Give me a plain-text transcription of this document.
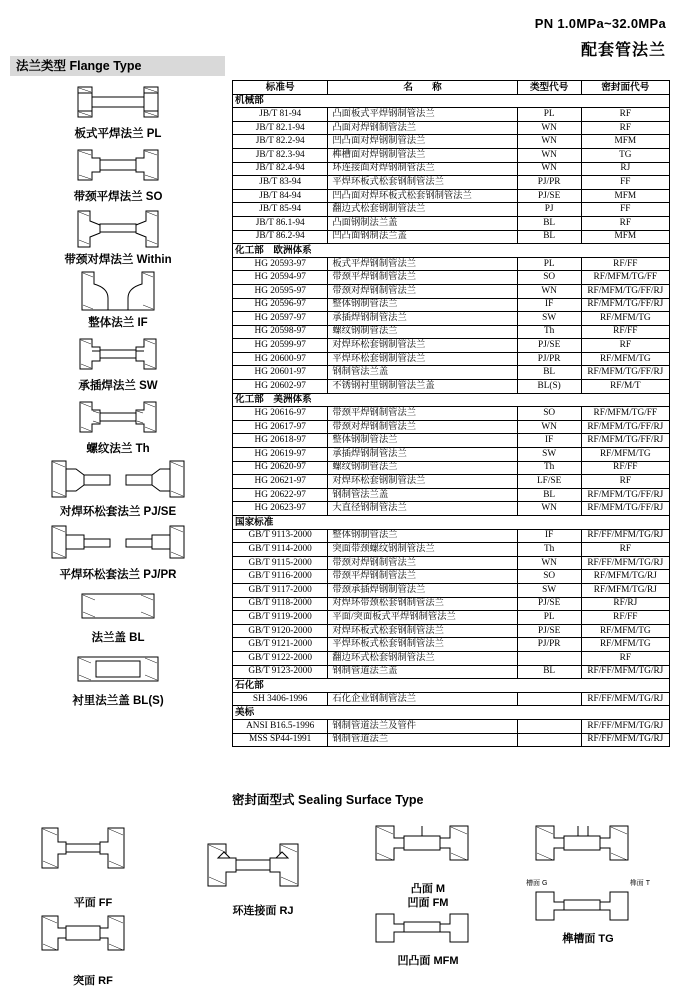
PN 1.0MPa~32.0MPa
配套管法兰
法兰类型 Flange Type
板式平焊法兰 PL
带颈平焊法兰 SO
带颈对焊法兰 Within
整体法兰 IF
承插焊法兰 SW
螺纹法兰 Th
对焊环松套法兰 PJ/SE
平焊环松套法兰 PJ/PR
法兰盖 BL
衬里法兰盖 BL(S)
标准号	名　　称	类型代号	密封面代号
机械部			
JB/T 81-94	凸面板式平焊钢制管法兰	PL	RF
JB/T 82.1-94	凸面对焊钢制管法兰	WN	RF
JB/T 82.2-94	凹凸面对焊钢制管法兰	WN	MFM
JB/T 82.3-94	榫槽面对焊钢制管法兰	WN	TG
JB/T 82.4-94	环连接面对焊钢制管法兰	WN	RJ
JB/T 83-94	平焊环板式松套钢制管法兰	PJ/PR	FF
JB/T 84-94	凹凸面对焊环板式松套钢制管法兰	PJ/SE	MFM
JB/T 85-94	翻边式松套钢制管法兰	PJ	FF
JB/T 86.1-94	凸面钢制法兰盖	BL	RF
JB/T 86.2-94	凹凸面钢制法兰盖	BL	MFM
化工部　欧洲体系			
HG 20593-97	板式平焊钢制管法兰	PL	RF/FF
HG 20594-97	带颈平焊钢制管法兰	SO	RF/MFM/TG/FF
HG 20595-97	带颈对焊钢制管法兰	WN	RF/MFM/TG/FF/RJ
HG 20596-97	整体钢制管法兰	IF	RF/MFM/TG/FF/RJ
HG 20597-97	承插焊钢制管法兰	SW	RF/MFM/TG
HG 20598-97	螺纹钢制管法兰	Th	RF/FF
HG 20599-97	对焊环松套钢制管法兰	PJ/SE	RF
HG 20600-97	平焊环松套钢制管法兰	PJ/PR	RF/MFM/TG
HG 20601-97	钢制管法兰盖	BL	RF/MFM/TG/FF/RJ
HG 20602-97	不锈钢衬里钢制管法兰盖	BL(S)	RF/M/T
化工部　美洲体系			
HG 20616-97	带颈平焊钢制管法兰	SO	RF/MFM/TG/FF
HG 20617-97	带颈对焊钢制管法兰	WN	RF/MFM/TG/FF/RJ
HG 20618-97	整体钢制管法兰	IF	RF/MFM/TG/FF/RJ
HG 20619-97	承插焊钢制管法兰	SW	RF/MFM/TG
HG 20620-97	螺纹钢制管法兰	Th	RF/FF
HG 20621-97	对焊环松套钢制管法兰	LF/SE	RF
HG 20622-97	钢制管法兰盖	BL	RF/MFM/TG/FF/RJ
HG 20623-97	大直径钢制管法兰	WN	RF/MFM/TG/FF/RJ
国家标准			
GB/T 9113-2000	整体钢制管法兰	IF	RF/FF/MFM/TG/RJ
GB/T 9114-2000	突面带颈螺纹钢制管法兰	Th	RF
GB/T 9115-2000	带颈对焊钢制管法兰	WN	RF/FF/MFM/TG/RJ
GB/T 9116-2000	带颈平焊钢制管法兰	SO	RF/MFM/TG/RJ
GB/T 9117-2000	带颈承插焊钢制管法兰	SW	RF/MFM/TG/RJ
GB/T 9118-2000	对焊环带颈松套钢制管法兰	PJ/SE	RF/RJ
GB/T 9119-2000	平面/突面板式平焊钢制管法兰	PL	RF/FF
GB/T 9120-2000	对焊环板式松套钢制管法兰	PJ/SE	RF/MFM/TG
GB/T 9121-2000	平焊环板式松套钢制管法兰	PJ/PR	RF/MFM/TG
GB/T 9122-2000	翻边环式松套钢制管法兰		RF
GB/T 9123-2000	钢制管道法兰盖	BL	RF/FF/MFM/TG/RJ
石化部			
SH 3406-1996	石化企业钢制管法兰		RF/FF/MFM/TG/RJ
美标			
ANSI B16.5-1996	钢制管道法兰及管件		RF/FF/MFM/TG/RJ
MSS SP44-1991	钢制管道法兰		RF/FF/MFM/TG/RJ
密封面型式 Sealing Surface Type
平面 FF
突面 RF
环连接面 RJ
凸面 M
凹面 FM
凹凸面 MFM
槽面 G	榫面 T
榫槽面 TG
